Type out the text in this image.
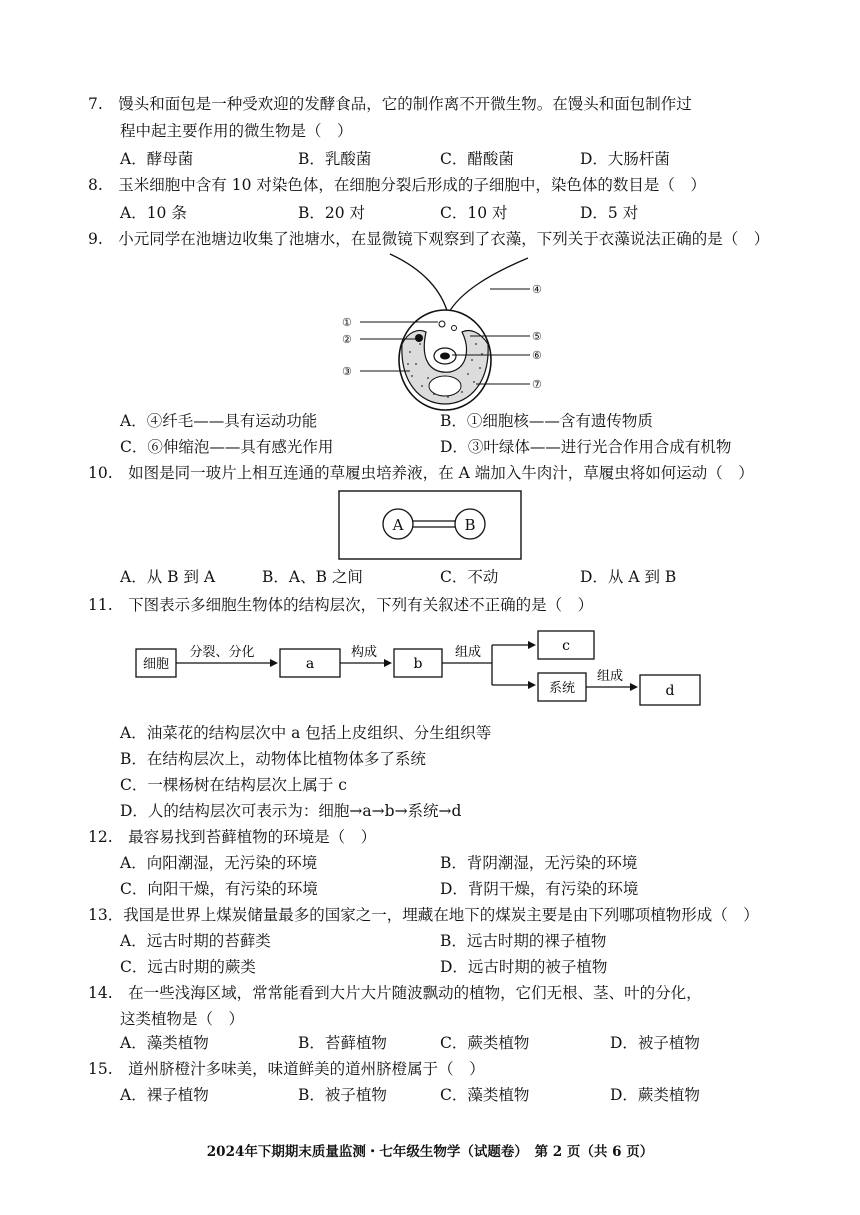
7.　馒头和面包是一种受欢迎的发酵食品，它的制作离不开微生物。在馒头和面包制作过
程中起主要作用的微生物是（　）
A．酵母菌	B．乳酸菌	C．醋酸菌	D．大肠杆菌
8.　玉米细胞中含有 10 对染色体，在细胞分裂后形成的子细胞中，染色体的数目是（　）
A．10 条	B．20 对	C．10 对	D．5 对
9.　小元同学在池塘边收集了池塘水，在显微镜下观察到了衣藻，下列关于衣藻说法正确的是（　）
①
②
③
④
⑤
⑥
⑦
A．④纤毛——具有运动功能	B．①细胞核——含有遗传物质
C．⑥伸缩泡——具有感光作用	D．③叶绿体——进行光合作用合成有机物
10.　如图是同一玻片上相互连通的草履虫培养液，在 A 端加入牛肉汁，草履虫将如何运动（　）
A	B
A．从 B 到 A	B．A、B 之间	C．不动	D．从 A 到 B
11.　下图表示多细胞生物体的结构层次，下列有关叙述不正确的是（　）
细胞
分裂、分化
a
构成
b
组成	c
系统
组成
d
A．油菜花的结构层次中 a 包括上皮组织、分生组织等
B．在结构层次上，动物体比植物体多了系统
C．一棵杨树在结构层次上属于 c
D．人的结构层次可表示为：细胞→a→b→系统→d
12.　最容易找到苔藓植物的环境是（　）
A．向阳潮湿，无污染的环境	B．背阴潮湿，无污染的环境
C．向阳干燥，有污染的环境	D．背阴干燥，有污染的环境
13．我国是世界上煤炭储量最多的国家之一，埋藏在地下的煤炭主要是由下列哪项植物形成（　）
A．远古时期的苔藓类	B．远古时期的裸子植物
C．远古时期的蕨类	D．远古时期的被子植物
14.　在一些浅海区域，常常能看到大片大片随波飘动的植物，它们无根、茎、叶的分化，
这类植物是（　）
A．藻类植物	B．苔藓植物	C．蕨类植物	D．被子植物
15.　道州脐橙汁多味美，味道鲜美的道州脐橙属于（　）
A．裸子植物	B．被子植物	C．藻类植物	D．蕨类植物
2024年下期期末质量监测・七年级生物学（试题卷）　第 2 页（共 6 页）
